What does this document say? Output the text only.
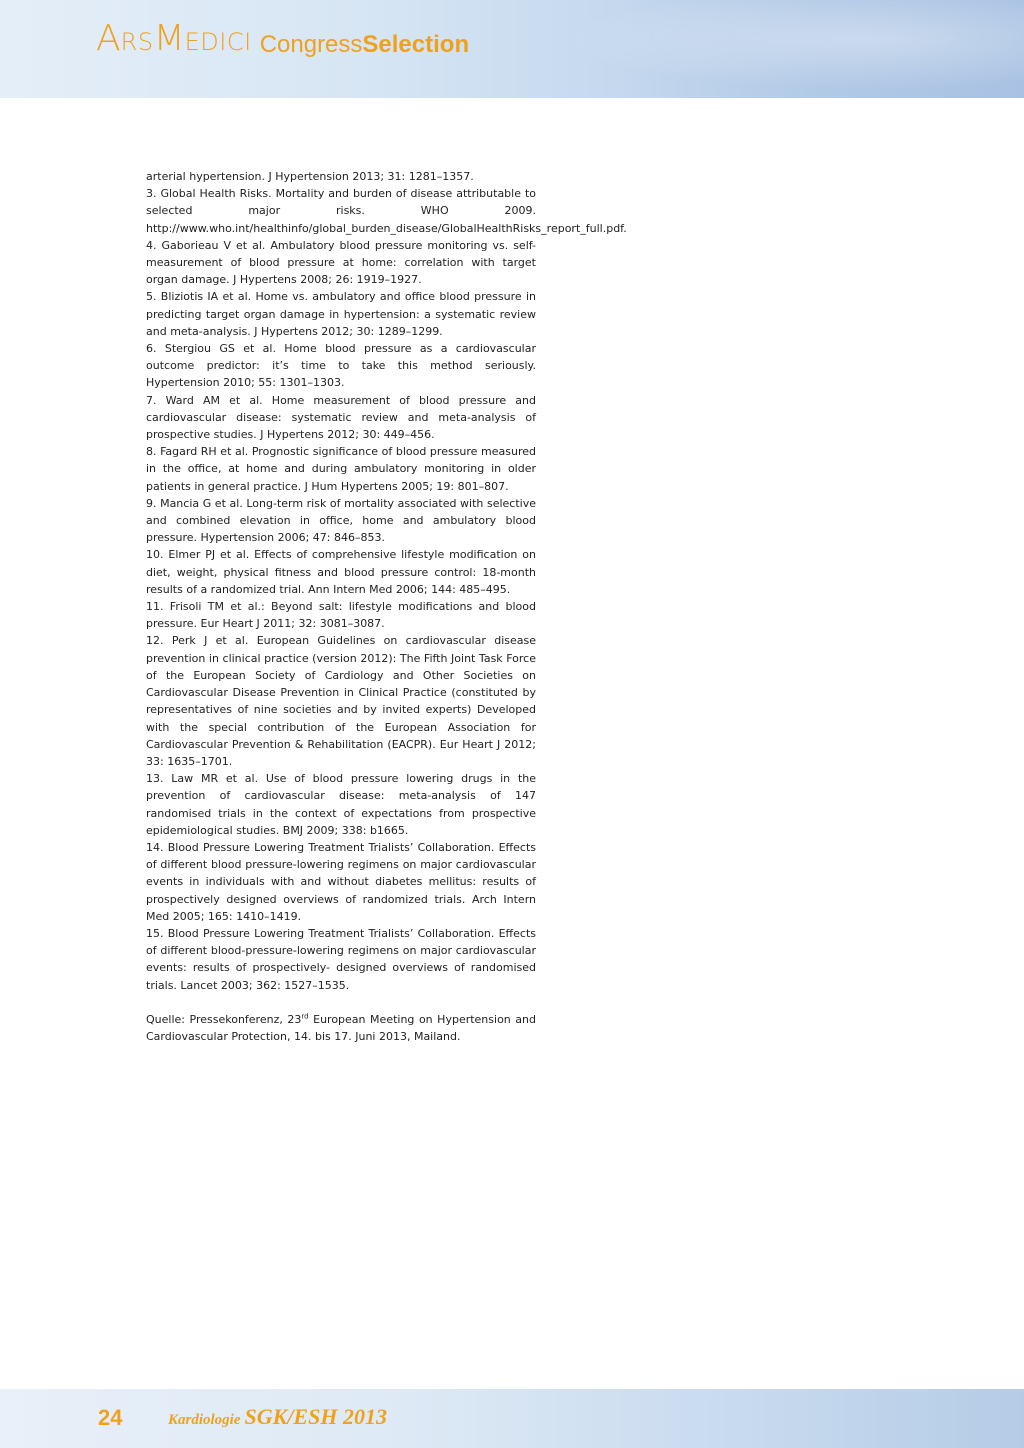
ARS MEDICI CongressSelection

arterial hypertension. J Hypertension 2013; 31: 1281–1357.

3. Global Health Risks. Mortality and burden of disease attributable to selected major risks. WHO 2009. http://www.who.int/healthinfo/global_burden_disease/GlobalHealthRisks_report_full.pdf.

4. Gaborieau V et al. Ambulatory blood pressure monitoring vs. self-measurement of blood pressure at home: correlation with target organ damage. J Hypertens 2008; 26: 1919–1927.

5. Bliziotis IA et al. Home vs. ambulatory and office blood pressure in predicting target organ damage in hypertension: a systematic review and meta-analysis. J Hypertens 2012; 30: 1289–1299.

6. Stergiou GS et al. Home blood pressure as a cardiovascular outcome predictor: it’s time to take this method seriously. Hypertension 2010; 55: 1301–1303.

7. Ward AM et al. Home measurement of blood pressure and cardiovascular disease: systematic review and meta-analysis of prospective studies. J Hypertens 2012; 30: 449–456.

8. Fagard RH et al. Prognostic significance of blood pressure measured in the office, at home and during ambulatory monitoring in older patients in general practice. J Hum Hypertens 2005; 19: 801–807.

9. Mancia G et al. Long-term risk of mortality associated with selective and combined elevation in office, home and ambulatory blood pressure. Hypertension 2006; 47: 846–853.

10. Elmer PJ et al. Effects of comprehensive lifestyle modification on diet, weight, physical fitness and blood pressure control: 18-month results of a randomized trial. Ann Intern Med 2006; 144: 485–495.

11. Frisoli TM et al.: Beyond salt: lifestyle modifications and blood pressure. Eur Heart J 2011; 32: 3081–3087.

12. Perk J et al. European Guidelines on cardiovascular disease prevention in clinical practice (version 2012): The Fifth Joint Task Force of the European Society of Cardiology and Other Societies on Cardiovascular Disease Prevention in Clinical Practice (constituted by representatives of nine societies and by invited experts) Developed with the special contribution of the European Association for Cardiovascular Prevention & Rehabilitation (EACPR). Eur Heart J 2012; 33: 1635–1701.

13. Law MR et al. Use of blood pressure lowering drugs in the prevention of cardiovascular disease: meta-analysis of 147 randomised trials in the context of expectations from prospective epidemiological studies. BMJ 2009; 338: b1665.

14. Blood Pressure Lowering Treatment Trialists’ Collaboration. Effects of different blood pressure-lowering regimens on major cardiovascular events in individuals with and without diabetes mellitus: results of prospectively designed overviews of randomized trials. Arch Intern Med 2005; 165: 1410–1419.

15. Blood Pressure Lowering Treatment Trialists’ Collaboration. Effects of different blood-pressure-lowering regimens on major cardiovascular events: results of prospectively- designed overviews of randomised trials. Lancet 2003; 362: 1527–1535.

Quelle: Pressekonferenz, 23rd European Meeting on Hypertension and Cardiovascular Protection, 14. bis 17. Juni 2013, Mailand.

24	Kardiologie SGK/ESH 2013
